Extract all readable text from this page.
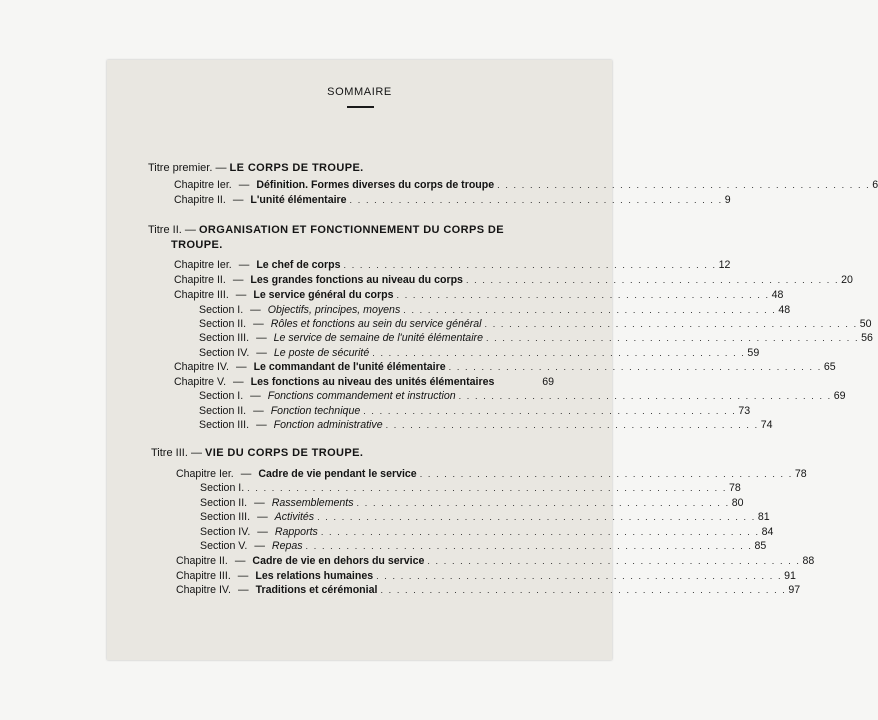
SOMMAIRE
Titre premier. — LE CORPS DE TROUPE.
Chapitre Ier. — Définition. Formes diverses du corps de troupe . . . . . . . . . . . . . . . . . . . . . . . . . . . . . . . . . . . . . . . . . . . . . . 6
Chapitre II. — L'unité élémentaire . . . . . . . . . . . . . . . . . . . . . . . . . . . . . . . . . . . . . . . . . . . . . . 9
Titre II. — ORGANISATION ET FONCTIONNEMENT DU CORPS DE
TROUPE.
Chapitre Ier. — Le chef de corps . . . . . . . . . . . . . . . . . . . . . . . . . . . . . . . . . . . . . . . . . . . . . . 12
Chapitre II. — Les grandes fonctions au niveau du corps . . . . . . . . . . . . . . . . . . . . . . . . . . . . . . . . . . . . . . . . . . . . . . 20
Chapitre III. — Le service général du corps . . . . . . . . . . . . . . . . . . . . . . . . . . . . . . . . . . . . . . . . . . . . . . 48
Section I. — Objectifs, principes, moyens . . . . . . . . . . . . . . . . . . . . . . . . . . . . . . . . . . . . . . . . . . . . . . 48
Section II. — Rôles et fonctions au sein du service général . . . . . . . . . . . . . . . . . . . . . . . . . . . . . . . . . . . . . . . . . . . . . . 50
Section III. — Le service de semaine de l'unité élémentaire . . . . . . . . . . . . . . . . . . . . . . . . . . . . . . . . . . . . . . . . . . . . . . 56
Section IV. — Le poste de sécurité . . . . . . . . . . . . . . . . . . . . . . . . . . . . . . . . . . . . . . . . . . . . . . 59
Chapitre IV. — Le commandant de l'unité élémentaire . . . . . . . . . . . . . . . . . . . . . . . . . . . . . . . . . . . . . . . . . . . . . . 65
Chapitre V. — Les fonctions au niveau des unités élémentaires	69
Section I. — Fonctions commandement et instruction . . . . . . . . . . . . . . . . . . . . . . . . . . . . . . . . . . . . . . . . . . . . . . 69
Section II. — Fonction technique . . . . . . . . . . . . . . . . . . . . . . . . . . . . . . . . . . . . . . . . . . . . . . 73
Section III. — Fonction administrative . . . . . . . . . . . . . . . . . . . . . . . . . . . . . . . . . . . . . . . . . . . . . . 74
Titre III. — VIE DU CORPS DE TROUPE.
Chapitre Ier. — Cadre de vie pendant le service . . . . . . . . . . . . . . . . . . . . . . . . . . . . . . . . . . . . . . . . . . . . . . 78
Section I. . . . . . . . . . . . . . . . . . . . . . . . . . . . . . . . . . . . . . . . . . . . . . . . . . . . . . . . . . . . 78
Section II. — Rassemblements . . . . . . . . . . . . . . . . . . . . . . . . . . . . . . . . . . . . . . . . . . . . . . 80
Section III. — Activités . . . . . . . . . . . . . . . . . . . . . . . . . . . . . . . . . . . . . . . . . . . . . . . . . . . . . . 81
Section IV. — Rapports . . . . . . . . . . . . . . . . . . . . . . . . . . . . . . . . . . . . . . . . . . . . . . . . . . . . . . 84
Section V. — Repas . . . . . . . . . . . . . . . . . . . . . . . . . . . . . . . . . . . . . . . . . . . . . . . . . . . . . . . 85
Chapitre II. — Cadre de vie en dehors du service . . . . . . . . . . . . . . . . . . . . . . . . . . . . . . . . . . . . . . . . . . . . . . 88
Chapitre III. — Les relations humaines . . . . . . . . . . . . . . . . . . . . . . . . . . . . . . . . . . . . . . . . . . . . . . . . . . 91
Chapitre IV. — Traditions et cérémonial . . . . . . . . . . . . . . . . . . . . . . . . . . . . . . . . . . . . . . . . . . . . . . . . . . 97
